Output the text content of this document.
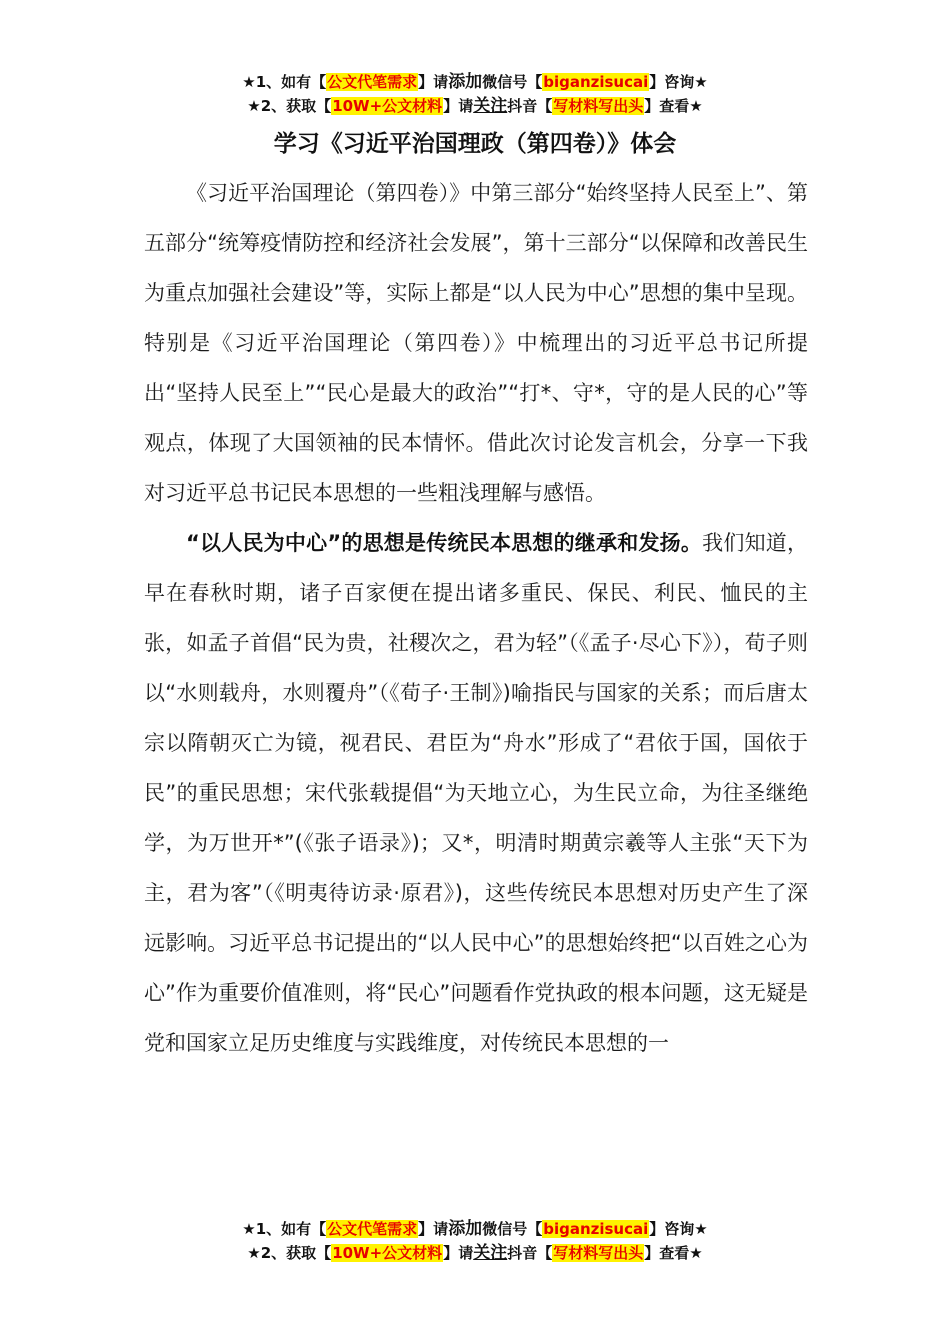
★1、如有【公文代笔需求】请添加微信号【biganzisucai】咨询★
★2、获取【10W+公文材料】请关注抖音【写材料写出头】查看★
学习《习近平治国理政（第四卷）》体会

《习近平治国理论（第四卷）》中第三部分“始终坚持人民至上”、第五部分“统筹疫情防控和经济社会发展”，第十三部分“以保障和改善民生为重点加强社会建设”等，实际上都是“以人民为中心”思想的集中呈现。特别是《习近平治国理论（第四卷）》中梳理出的习近平总书记所提出“坚持人民至上”“民心是最大的政治”“打*、守*，守的是人民的心”等观点，体现了大国领袖的民本情怀。借此次讨论发言机会，分享一下我对习近平总书记民本思想的一些粗浅理解与感悟。

“以人民为中心”的思想是传统民本思想的继承和发扬。我们知道，早在春秋时期，诸子百家便在提出诸多重民、保民、利民、恤民的主张，如孟子首倡“民为贵，社稷次之，君为轻”（《孟子·尽心下》），荀子则以“水则载舟，水则覆舟”（《荀子·王制》)喻指民与国家的关系；而后唐太宗以隋朝灭亡为镜，视君民、君臣为“舟水”形成了“君依于国，国依于民”的重民思想；宋代张载提倡“为天地立心，为生民立命，为往圣继绝学，为万世开*”(《张子语录》)；又*，明清时期黄宗羲等人主张“天下为主，君为客”（《明夷待访录·原君》)，这些传统民本思想对历史产生了深远影响。习近平总书记提出的“以人民中心”的思想始终把“以百姓之心为心”作为重要价值准则，将“民心”问题看作党执政的根本问题，这无疑是党和国家立足历史维度与实践维度，对传统民本思想的一

★1、如有【公文代笔需求】请添加微信号【biganzisucai】咨询★
★2、获取【10W+公文材料】请关注抖音【写材料写出头】查看★
